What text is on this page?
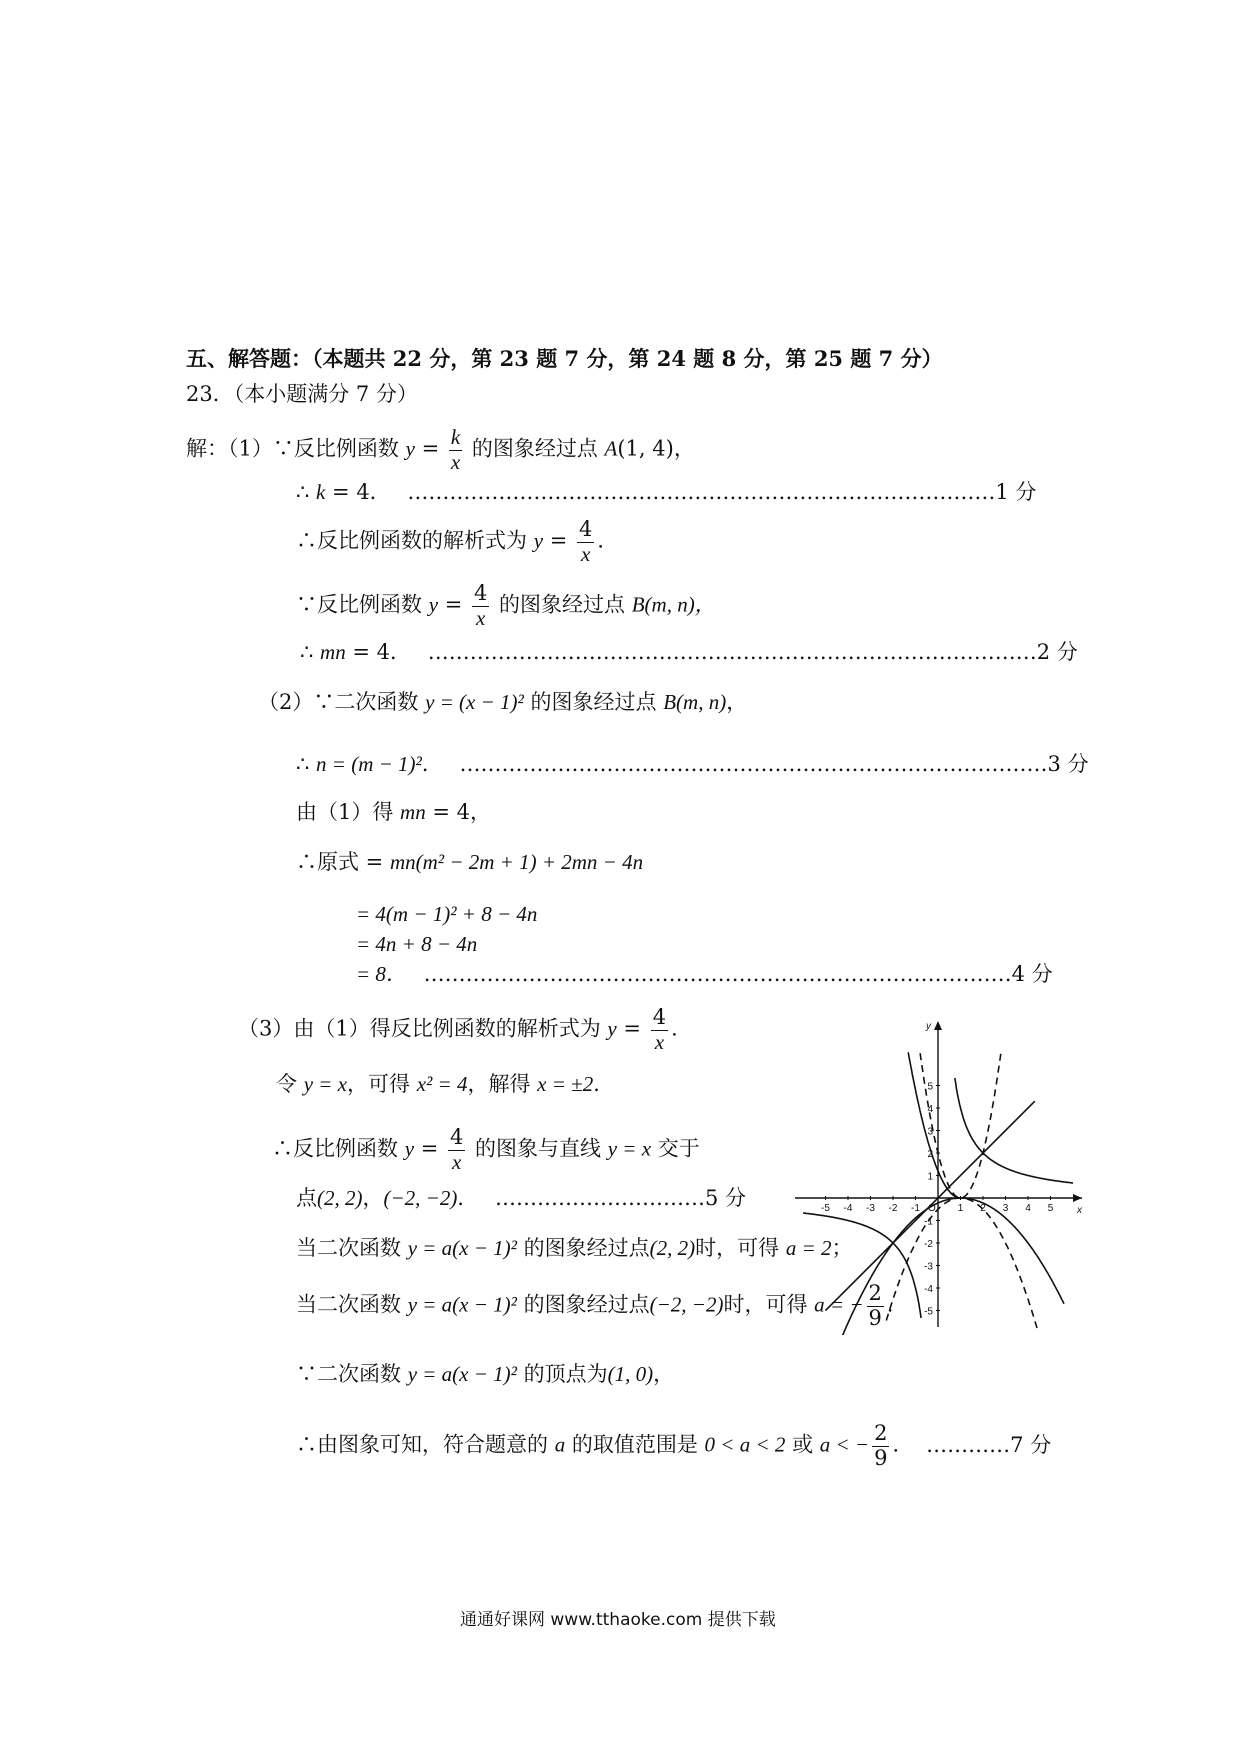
五、解答题：（本题共 22 分，第 23 题 7 分，第 24 题 8 分，第 25 题 7 分）
23．（本小题满分 7 分）
解：（1）∵反比例函数 $y = \frac{k}{x}$ 的图象经过点 A(1, 4)，
∴ k = 4． …………………………………………………………………………1 分
∴反比例函数的解析式为 $y = \frac{4}{x}$ ．
∵反比例函数 $y = \frac{4}{x}$ 的图象经过点 B(m, n)，
∴ mn = 4． ……………………………………………………………………………2 分
（2）∵二次函数 y = (x − 1)² 的图象经过点 B(m, n)，
∴ n = (m − 1)²． …………………………………………………………………………3 分
由（1）得 mn = 4，
∴原式 = mn(m² − 2m + 1) + 2mn − 4n
= 4(m − 1)² + 8 − 4n
= 4n + 8 − 4n
= 8． …………………………………………………………………………4 分
（3）由（1）得反比例函数的解析式为 $y = \frac{4}{x}$ ．
令 y = x，可得 x² = 4，解得 x = ±2．
∴反比例函数 $y = \frac{4}{x}$ 的图象与直线 y = x 交于
点(2, 2)，(−2, −2)． …………………………5 分
当二次函数 y = a(x − 1)² 的图象经过点(2, 2)时，可得 a = 2；
当二次函数 y = a(x − 1)² 的图象经过点(−2, −2)时，可得 a = − $\frac{2}{9}$ ．
∵二次函数 y = a(x − 1)² 的顶点为(1, 0)，
∴由图象可知，符合题意的 a 的取值范围是 0 < a < 2 或 a < − $\frac{2}{9}$ ． …………7 分
-5 -4 -3 -2 -1	1 2 3 4 5
5
4
3
2
1
-1
-2
-3
-4
-5
x
y
O
通通好课网 www.tthaoke.com 提供下载
